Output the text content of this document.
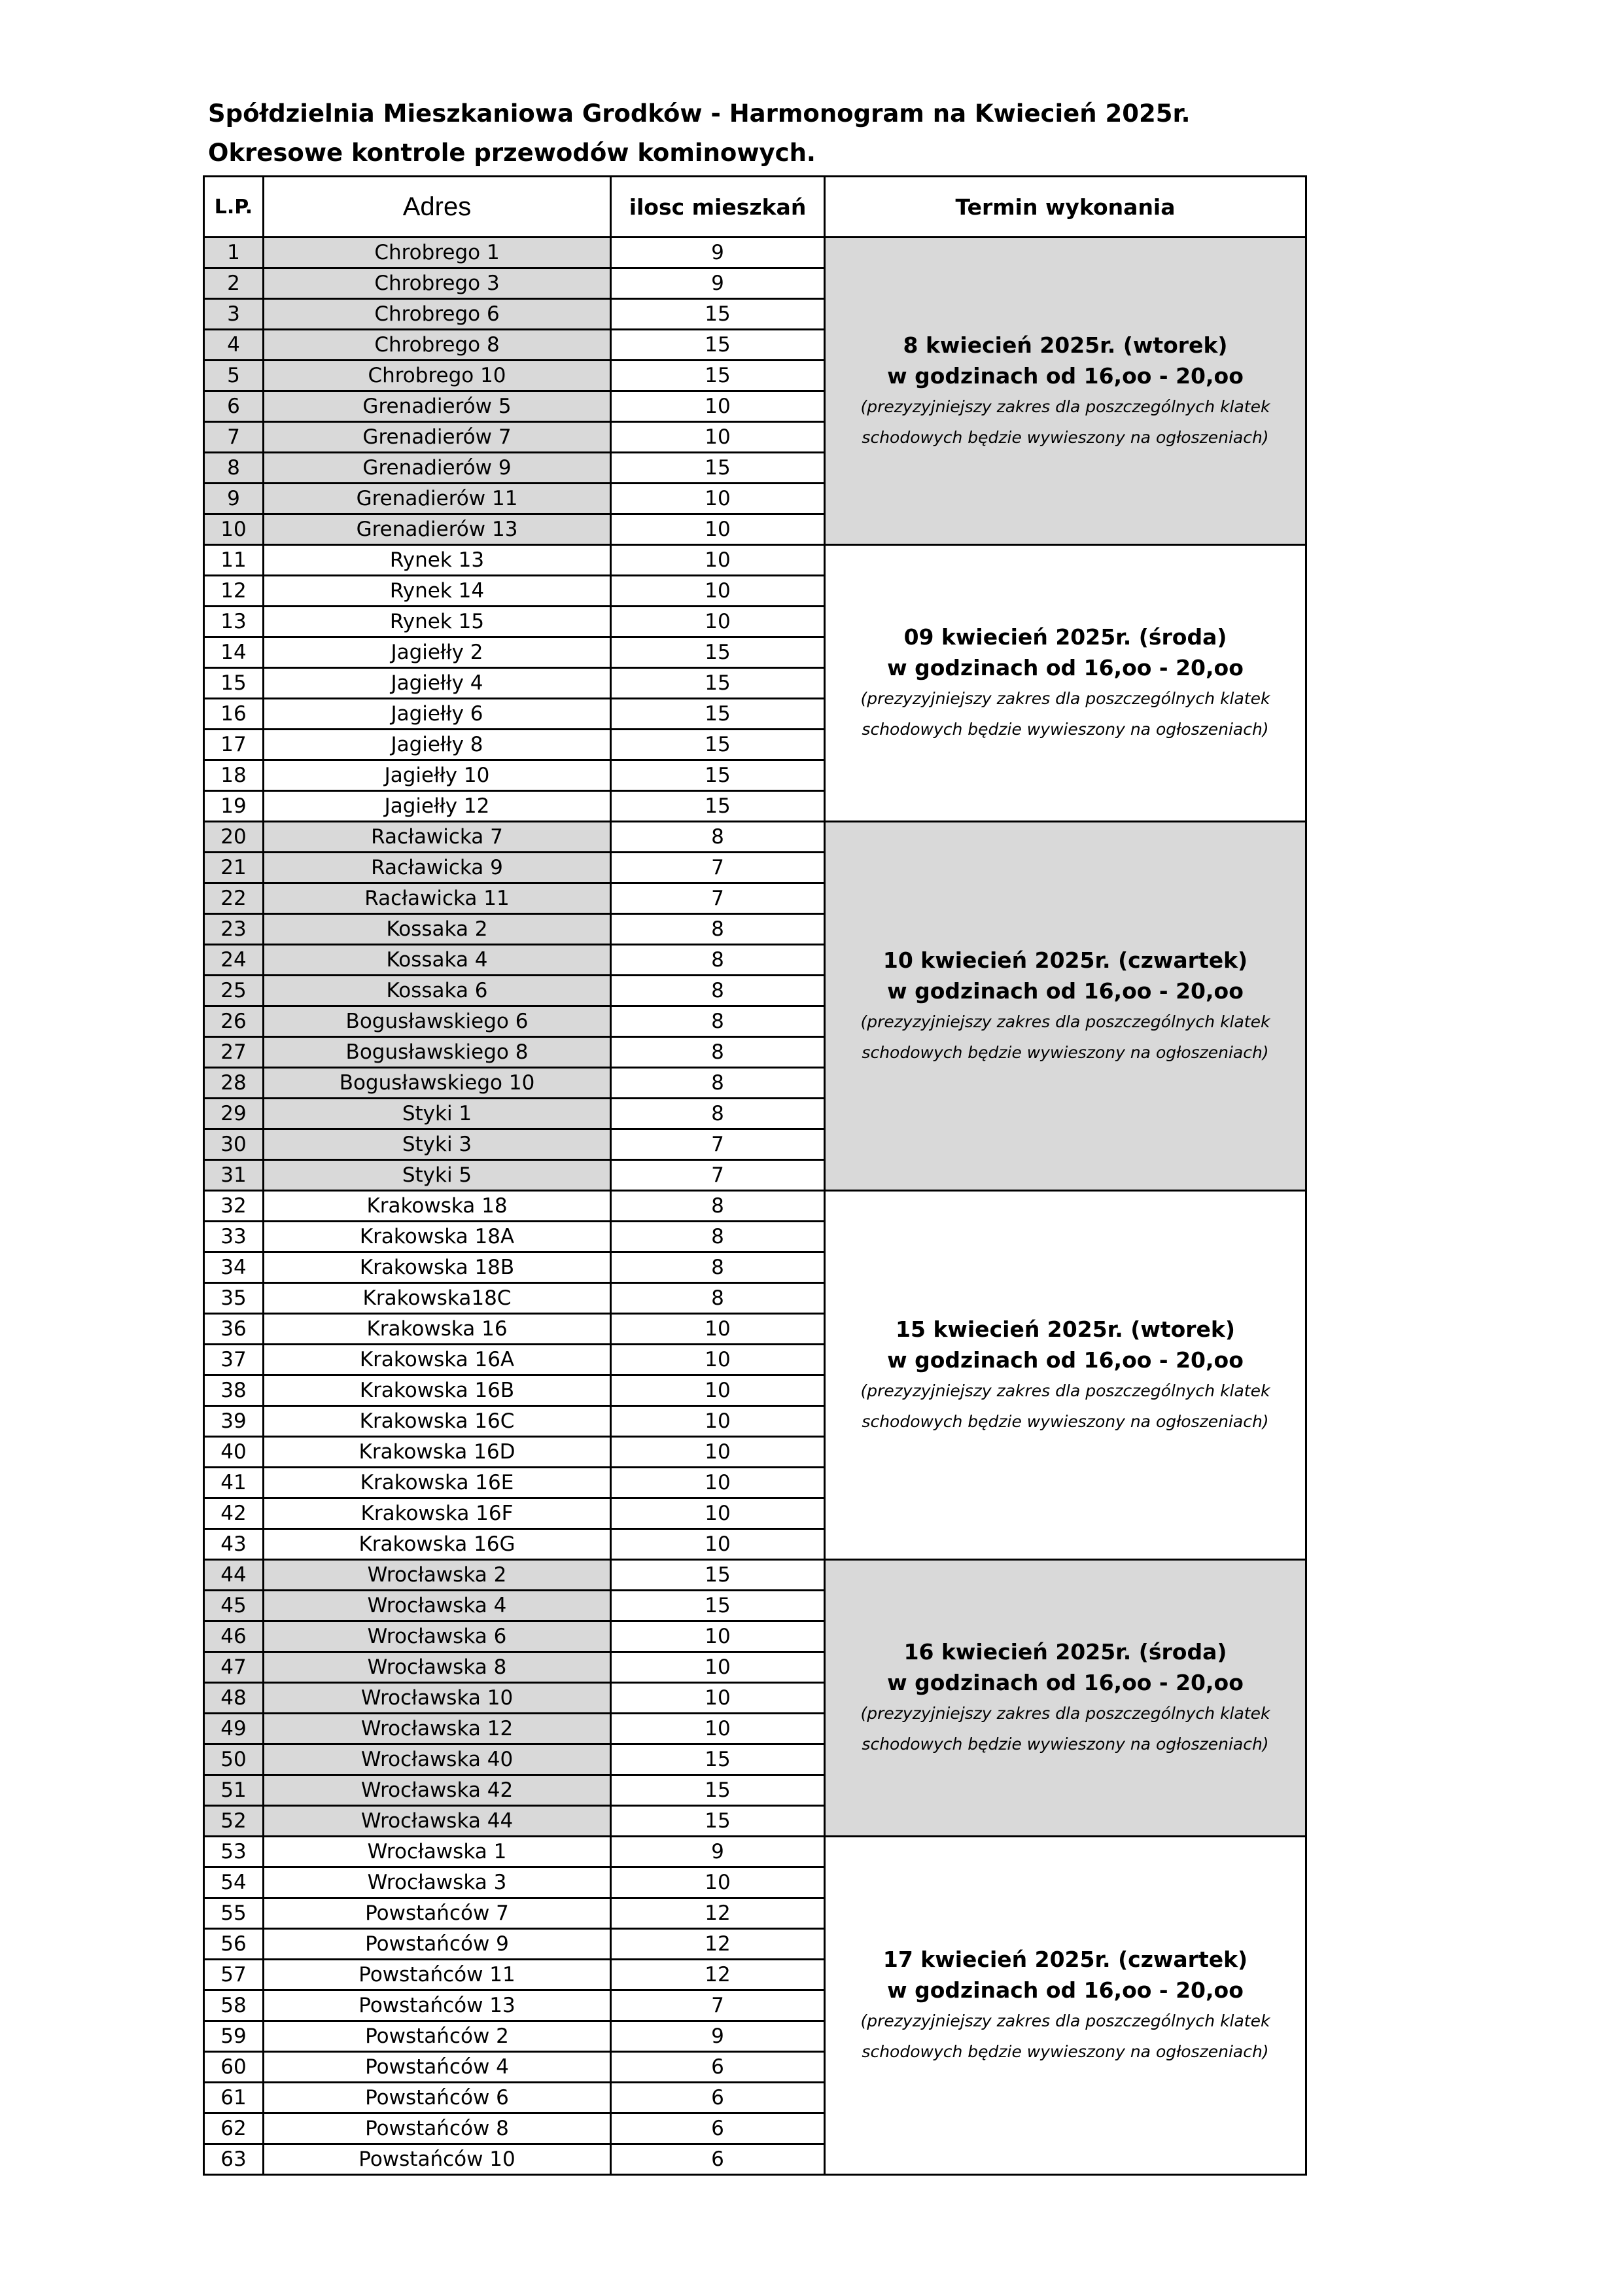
Spółdzielnia Mieszkaniowa Grodków - Harmonogram na Kwiecień 2025r.
Okresowe kontrole przewodów kominowych.
L.P.	Adres	ilosc mieszkań	Termin wykonania
1	Chrobrego 1	9	8 kwiecień 2025r. (wtorek)
w godzinach od 16,oo - 20,oo
(prezyzyjniejszy zakres dla poszczególnych klatek
schodowych będzie wywieszony na ogłoszeniach)

2	Chrobrego 3	9	
3	Chrobrego 6	15	
4	Chrobrego 8	15	
5	Chrobrego 10	15	
6	Grenadierów 5	10	
7	Grenadierów 7	10	
8	Grenadierów 9	15	
9	Grenadierów 11	10	
10	Grenadierów 13	10	
11	Rynek 13	10	09 kwiecień 2025r. (środa)
w godzinach od 16,oo - 20,oo
(prezyzyjniejszy zakres dla poszczególnych klatek
schodowych będzie wywieszony na ogłoszeniach)

12	Rynek 14	10	
13	Rynek 15	10	
14	Jagiełły 2	15	
15	Jagiełły 4	15	
16	Jagiełły 6	15	
17	Jagiełły 8	15	
18	Jagiełły 10	15	
19	Jagiełły 12	15	
20	Racławicka 7	8	10 kwiecień 2025r. (czwartek)
w godzinach od 16,oo - 20,oo
(prezyzyjniejszy zakres dla poszczególnych klatek
schodowych będzie wywieszony na ogłoszeniach)

21	Racławicka 9	7	
22	Racławicka 11	7	
23	Kossaka 2	8	
24	Kossaka 4	8	
25	Kossaka 6	8	
26	Bogusławskiego 6	8	
27	Bogusławskiego 8	8	
28	Bogusławskiego 10	8	
29	Styki 1	8	
30	Styki 3	7	
31	Styki 5	7	
32	Krakowska 18	8	15 kwiecień 2025r. (wtorek)
w godzinach od 16,oo - 20,oo
(prezyzyjniejszy zakres dla poszczególnych klatek
schodowych będzie wywieszony na ogłoszeniach)

33	Krakowska 18A	8	
34	Krakowska 18B	8	
35	Krakowska18C	8	
36	Krakowska 16	10	
37	Krakowska 16A	10	
38	Krakowska 16B	10	
39	Krakowska 16C	10	
40	Krakowska 16D	10	
41	Krakowska 16E	10	
42	Krakowska 16F	10	
43	Krakowska 16G	10	
44	Wrocławska 2	15	16 kwiecień 2025r. (środa)
w godzinach od 16,oo - 20,oo
(prezyzyjniejszy zakres dla poszczególnych klatek
schodowych będzie wywieszony na ogłoszeniach)

45	Wrocławska 4	15	
46	Wrocławska 6	10	
47	Wrocławska 8	10	
48	Wrocławska 10	10	
49	Wrocławska 12	10	
50	Wrocławska 40	15	
51	Wrocławska 42	15	
52	Wrocławska 44	15	
53	Wrocławska 1	9	17 kwiecień 2025r. (czwartek)
w godzinach od 16,oo - 20,oo
(prezyzyjniejszy zakres dla poszczególnych klatek
schodowych będzie wywieszony na ogłoszeniach)

54	Wrocławska 3	10	
55	Powstańców 7	12	
56	Powstańców 9	12	
57	Powstańców 11	12	
58	Powstańców 13	7	
59	Powstańców 2	9	
60	Powstańców 4	6	
61	Powstańców 6	6	
62	Powstańców 8	6	
63	Powstańców 10	6	
